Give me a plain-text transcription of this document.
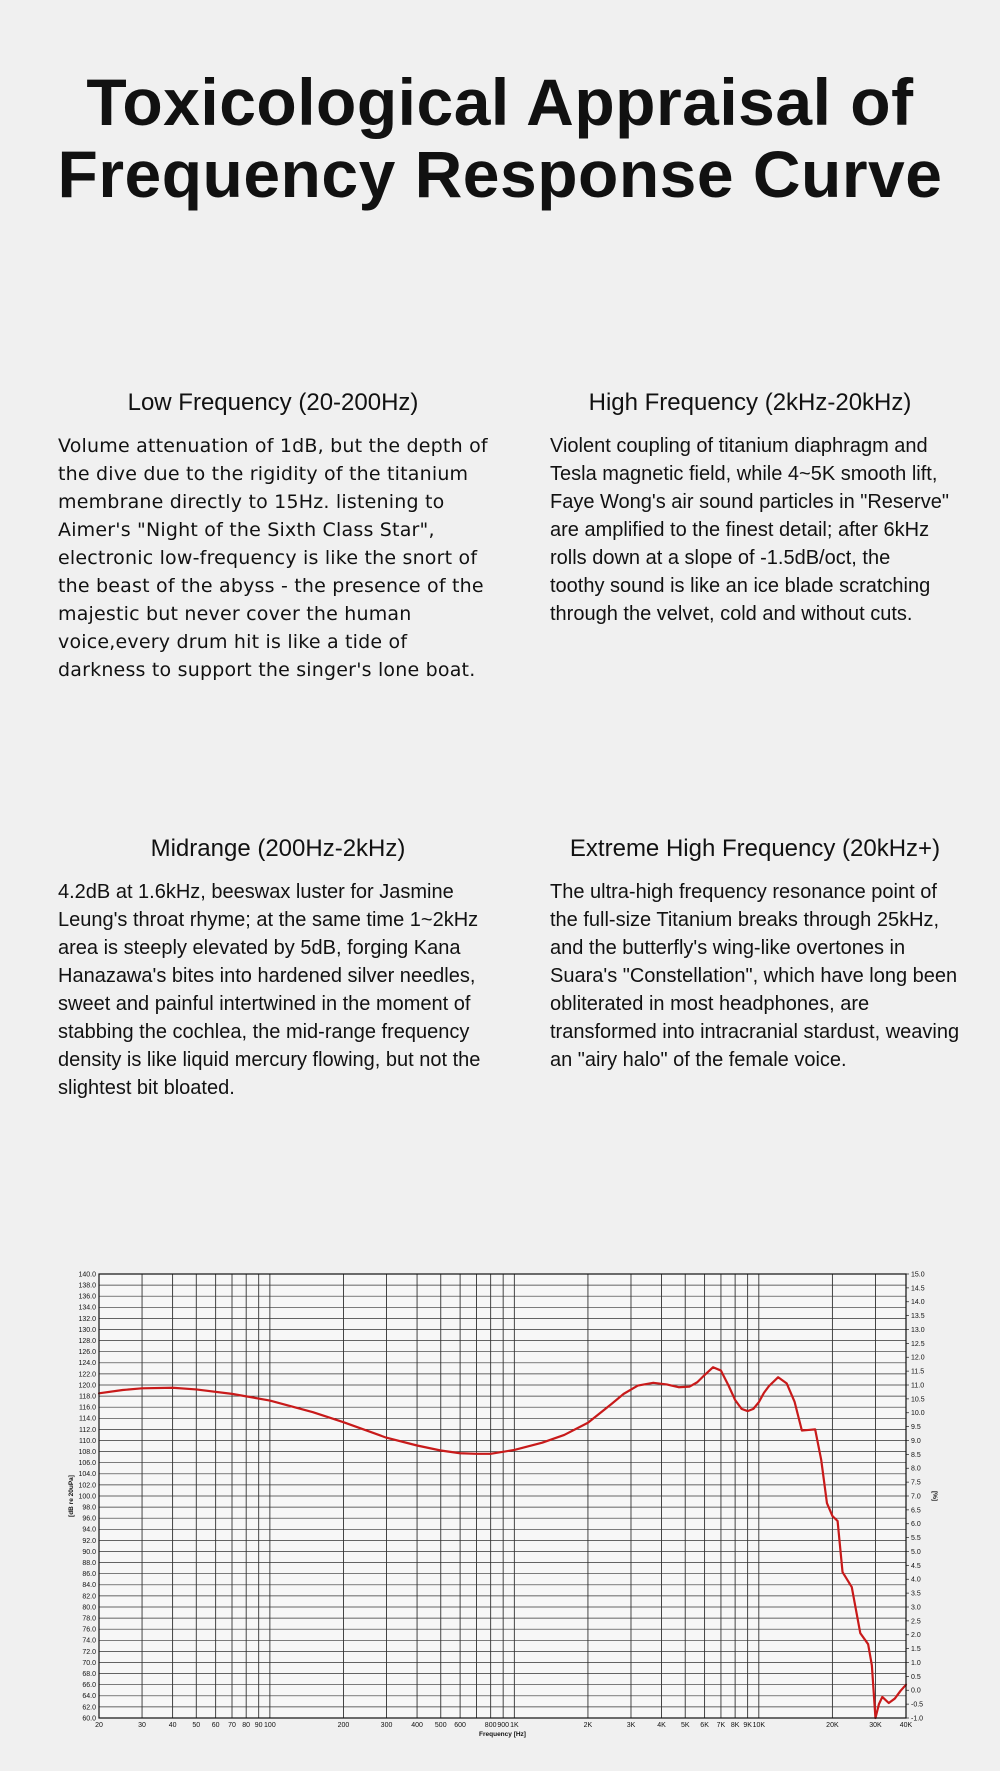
Toxicological Appraisal of
Frequency Response Curve
Low Frequency (20-200Hz)

Volume attenuation of 1dB, but the depth of the dive due to the rigidity of the titanium membrane directly to 15Hz. listening to Aimer's "Night of the Sixth Class Star", electronic low-frequency is like the snort of the beast of the abyss - the presence of the majestic but never cover the human voice,every drum hit is like a tide of darkness to support the singer's lone boat.

High Frequency (2kHz-20kHz)

Violent coupling of titanium diaphragm and Tesla magnetic field, while 4~5K smooth lift, Faye Wong's air sound particles in "Reserve" are amplified to the finest detail; after 6kHz rolls down at a slope of -1.5dB/oct, the toothy sound is like an ice blade scratching through the velvet, cold and without cuts.

Midrange (200Hz-2kHz)

4.2dB at 1.6kHz, beeswax luster for Jasmine Leung's throat rhyme; at the same time 1~2kHz area is steeply elevated by 5dB, forging Kana Hanazawa's bites into hardened silver needles, sweet and painful intertwined in the moment of stabbing the cochlea, the mid-range frequency density is like liquid mercury flowing, but not the slightest bit bloated.

Extreme High Frequency (20kHz+)

The ultra-high frequency resonance point of the full-size Titanium breaks through 25kHz, and the butterfly's wing-like overtones in Suara's "Constellation", which have long been obliterated in most headphones, are transformed into intracranial stardust, weaving an "airy halo" of the female voice.

60.0
62.0
64.0
66.0
68.0
70.0
72.0
74.0
76.0
78.0
80.0
82.0
84.0
86.0
88.0
90.0
92.0
94.0
96.0
98.0
100.0
102.0
104.0
106.0
108.0
110.0
112.0
114.0
116.0
118.0
120.0
122.0
124.0
126.0
128.0
130.0
132.0
134.0
136.0
138.0
140.0
-1.0
-0.5
0.0
0.5
1.0
1.5
2.0
2.5
3.0
3.5
4.0
4.5
5.0
5.5
6.0
6.5
7.0
7.5
8.0
8.5
9.0
9.5
10.0
10.5
11.0
11.5
12.0
12.5
13.0
13.5
14.0
14.5
15.0
20	30	40 50 60 70 80 90 100	200	300	400 500 600	800 900 1K	2K	3K	4K 5K 6K 7K 8K 9K 10K	20K	30K	40K
Frequency [Hz]
[dB re 20uPa]	[%]
